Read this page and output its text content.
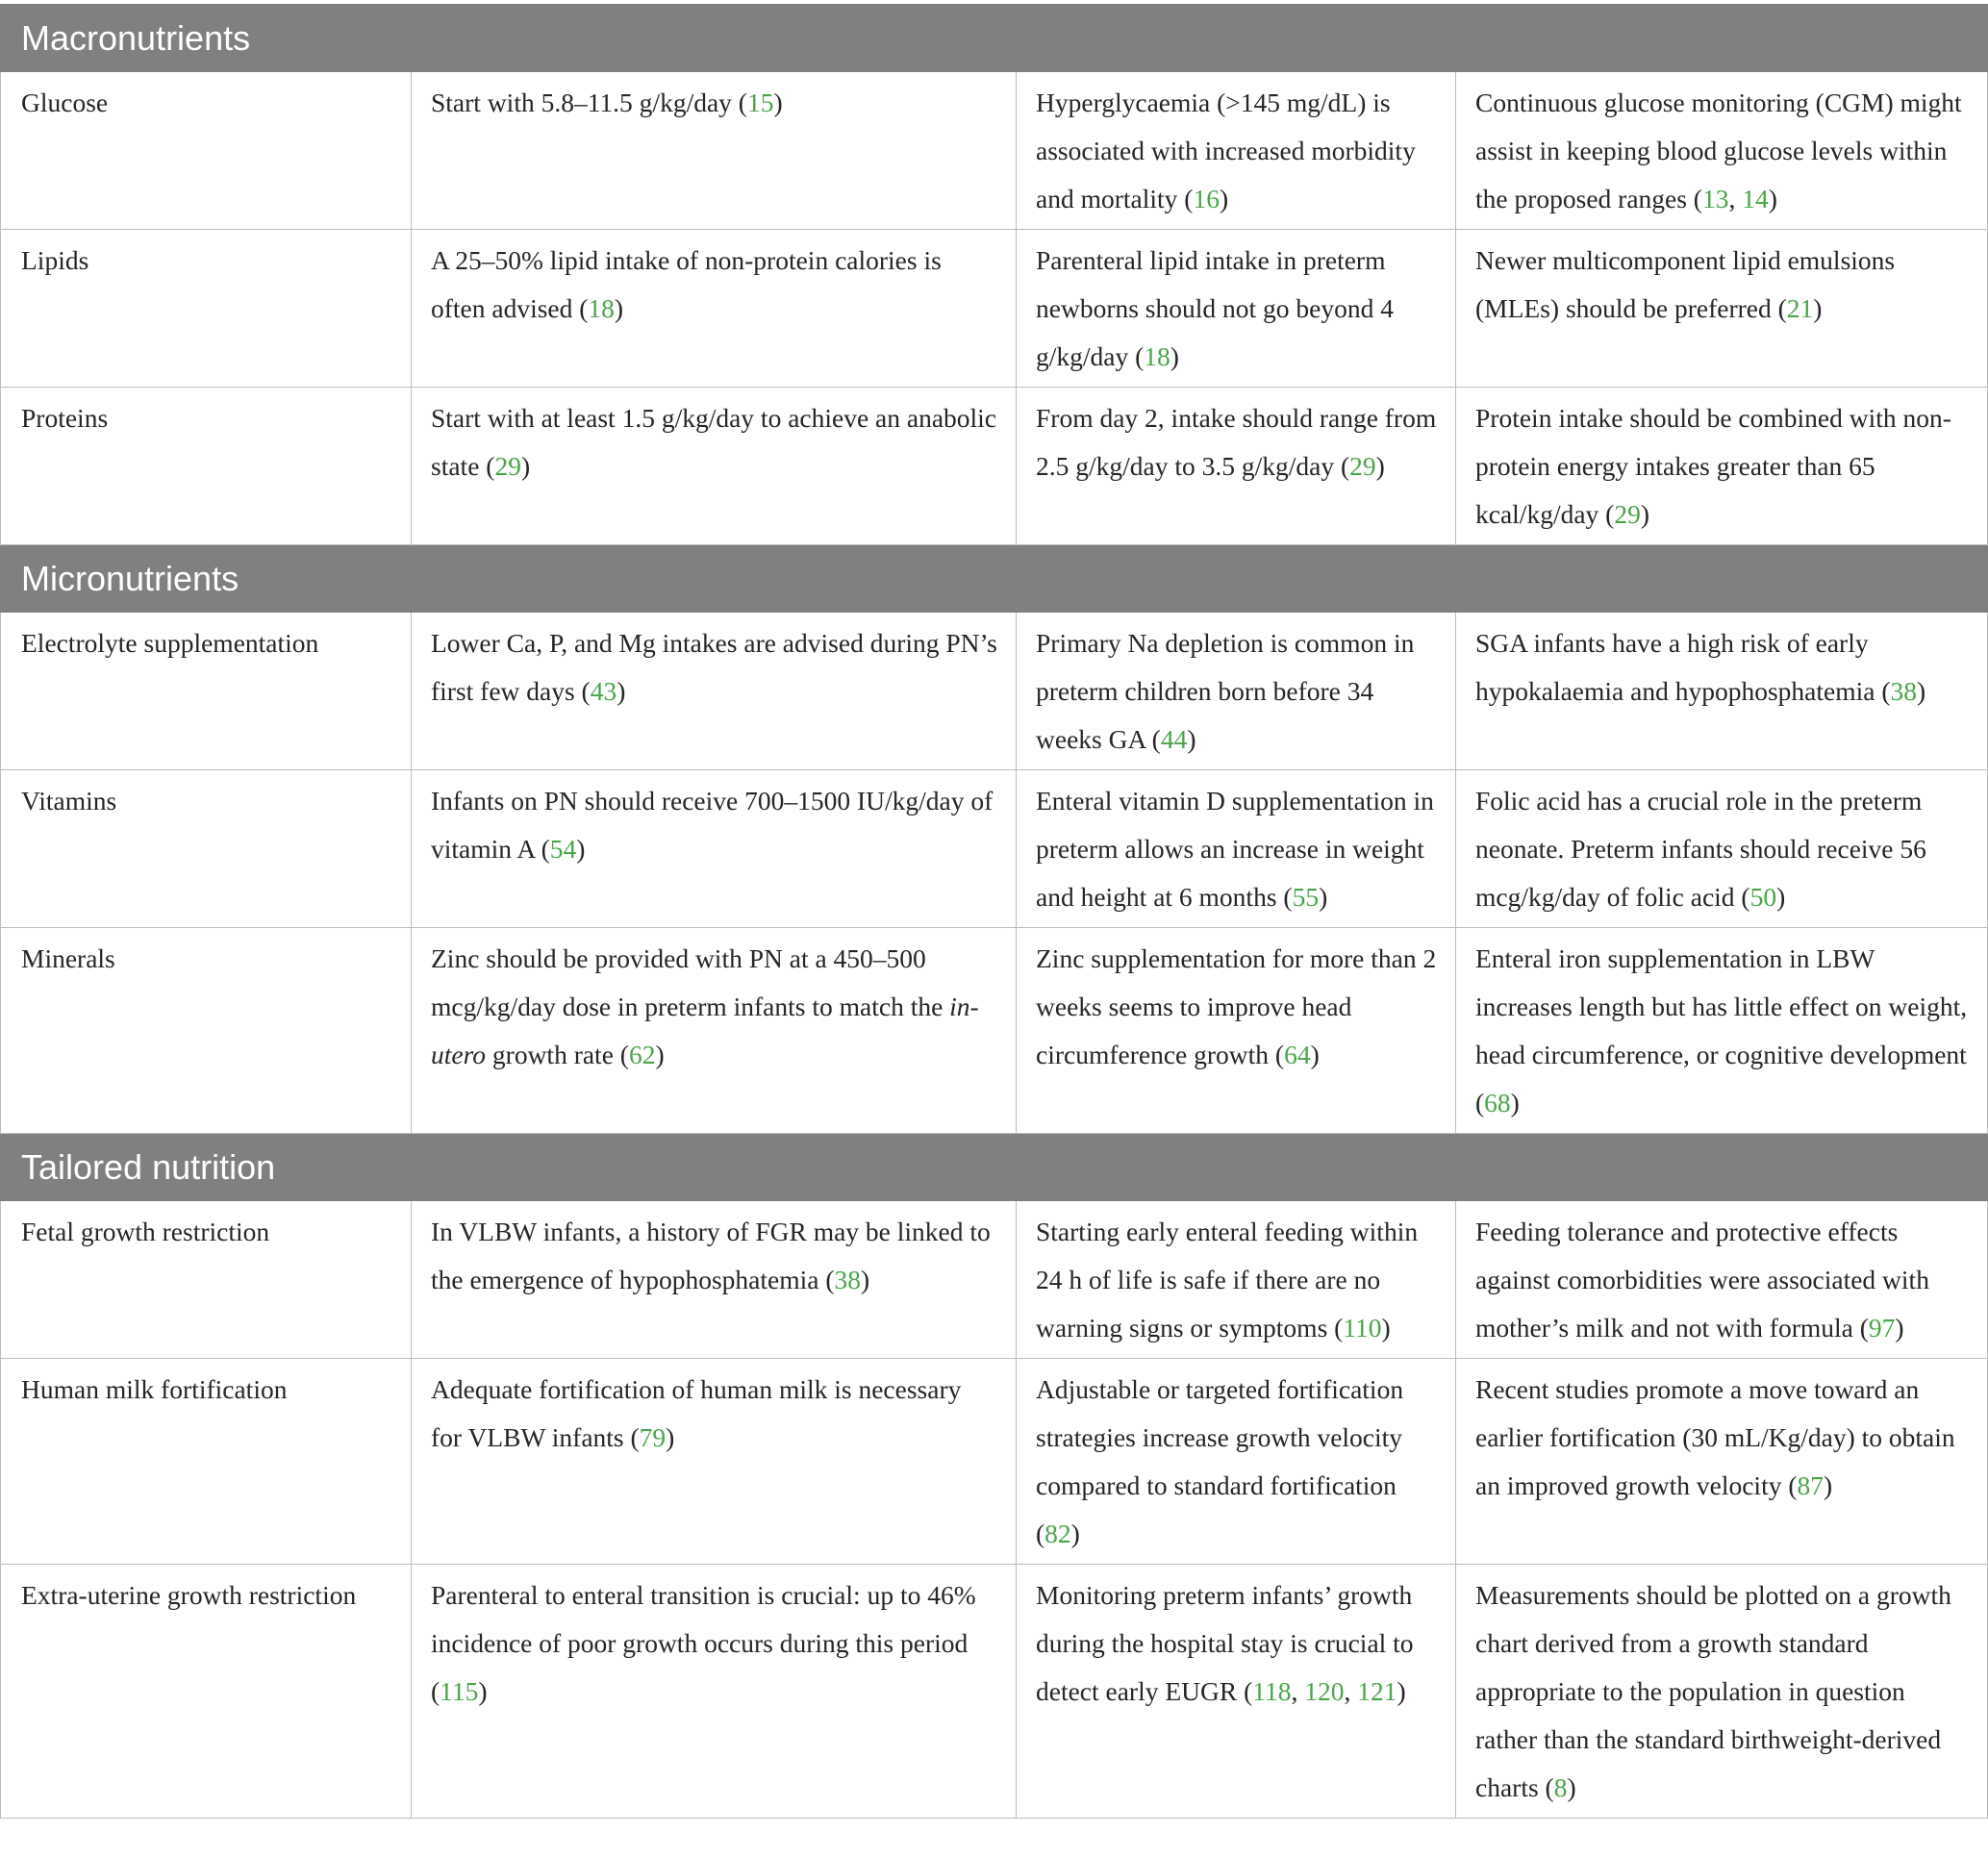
Macronutrients			
Glucose	Start with 5.8–11.5 g/kg/day (15)	Hyperglycaemia (>145 mg/dL) is associated with increased morbidity and mortality (16)	Continuous glucose monitoring (CGM) might assist in keeping blood glucose levels within the proposed ranges (13, 14)
Lipids	A 25–50% lipid intake of non-protein calories is often advised (18)	Parenteral lipid intake in preterm newborns should not go beyond 4 g/kg/day (18)	Newer multicomponent lipid emulsions (MLEs) should be preferred (21)
Proteins	Start with at least 1.5 g/kg/day to achieve an anabolic state (29)	From day 2, intake should range from 2.5 g/kg/day to 3.5 g/kg/day (29)	Protein intake should be combined with non-protein energy intakes greater than 65 kcal/kg/day (29)
Micronutrients			
Electrolyte supplementation	Lower Ca, P, and Mg intakes are advised during PN’s first few days (43)	Primary Na depletion is common in preterm children born before 34 weeks GA (44)	SGA infants have a high risk of early hypokalaemia and hypophosphatemia (38)
Vitamins	Infants on PN should receive 700–1500 IU/kg/day of vitamin A (54)	Enteral vitamin D supplementation in preterm allows an increase in weight and height at 6 months (55)	Folic acid has a crucial role in the preterm neonate. Preterm infants should receive 56 mcg/kg/day of folic acid (50)
Minerals	Zinc should be provided with PN at a 450–500 mcg/kg/day dose in preterm infants to match the in-utero growth rate (62)	Zinc supplementation for more than 2 weeks seems to improve head circumference growth (64)	Enteral iron supplementation in LBW increases length but has little effect on weight, head circumference, or cognitive development (68)
Tailored nutrition			
Fetal growth restriction	In VLBW infants, a history of FGR may be linked to the emergence of hypophosphatemia (38)	Starting early enteral feeding within 24 h of life is safe if there are no warning signs or symptoms (110)	Feeding tolerance and protective effects against comorbidities were associated with mother’s milk and not with formula (97)
Human milk fortification	Adequate fortification of human milk is necessary for VLBW infants (79)	Adjustable or targeted fortification strategies increase growth velocity compared to standard fortification (82)	Recent studies promote a move toward an earlier fortification (30 mL/Kg/day) to obtain an improved growth velocity (87)
Extra-uterine growth restriction	Parenteral to enteral transition is crucial: up to 46% incidence of poor growth occurs during this period (115)	Monitoring preterm infants’ growth during the hospital stay is crucial to detect early EUGR (118, 120, 121)	Measurements should be plotted on a growth chart derived from a growth standard appropriate to the population in question rather than the standard birthweight-derived charts (8)
